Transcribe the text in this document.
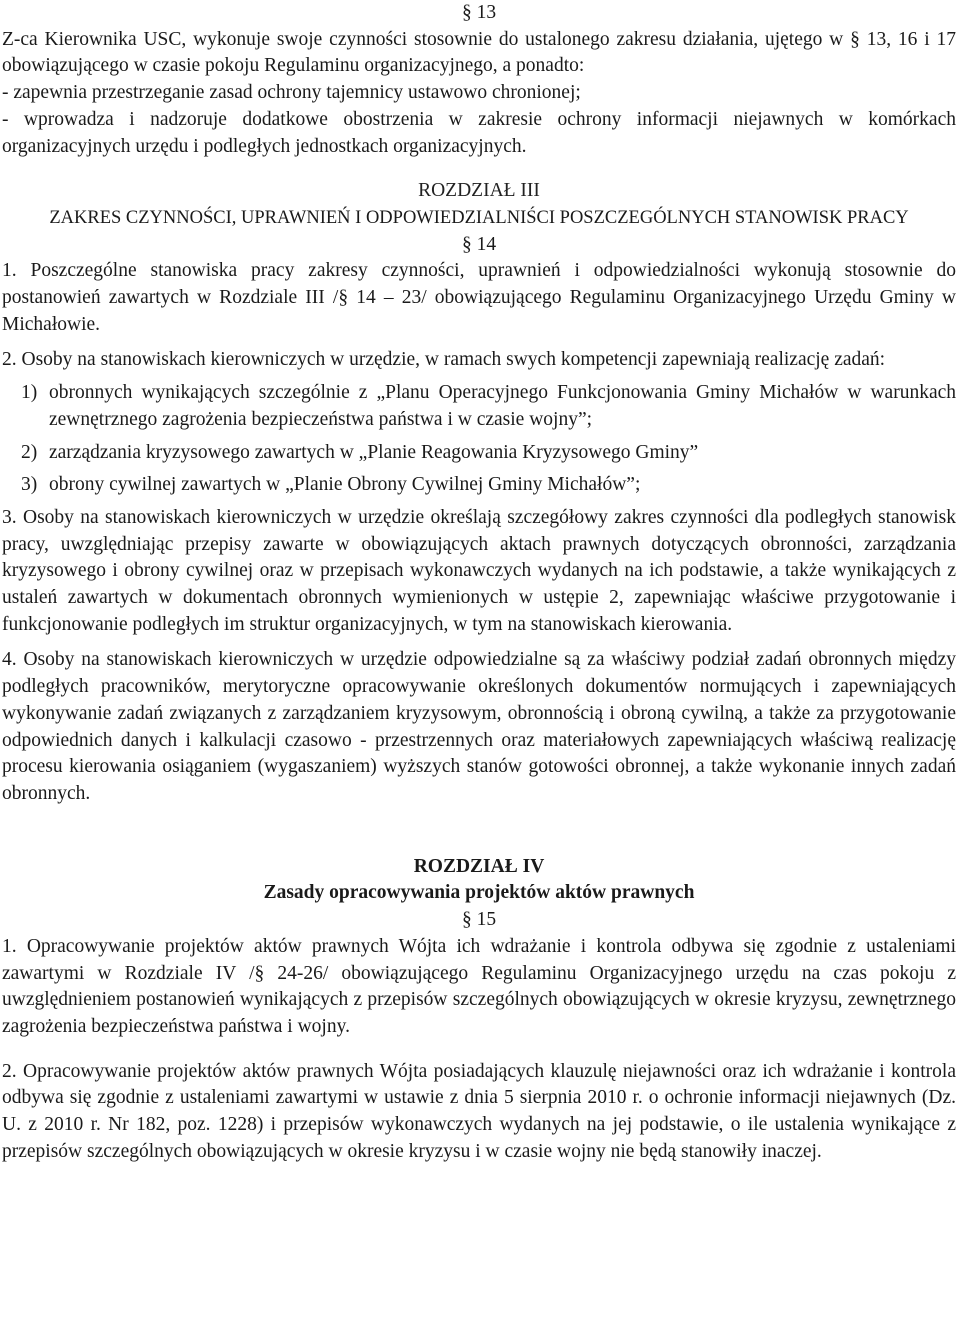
§ 13

Z-ca Kierownika USC, wykonuje swoje czynności stosownie do ustalonego zakresu działania, ujętego w § 13, 16 i 17 obowiązującego w czasie pokoju Regulaminu organizacyjnego, a ponadto:

- zapewnia przestrzeganie zasad ochrony tajemnicy ustawowo chronionej;

- wprowadza i nadzoruje dodatkowe obostrzenia w zakresie ochrony informacji niejawnych w komórkach organizacyjnych urzędu i podległych jednostkach organizacyjnych.

ROZDZIAŁ III

ZAKRES CZYNNOŚCI, UPRAWNIEŃ I ODPOWIEDZIALNIŚCI POSZCZEGÓLNYCH STANOWISK PRACY

§ 14

1. Poszczególne stanowiska pracy zakresy czynności, uprawnień i odpowiedzialności wykonują stosownie do postanowień zawartych w Rozdziale III /§ 14 – 23/ obowiązującego Regulaminu Organizacyjnego Urzędu Gminy w Michałowie.

2. Osoby na stanowiskach kierowniczych w urzędzie, w ramach swych kompetencji zapewniają realizację zadań:

1) obronnych wynikających szczególnie z „Planu Operacyjnego Funkcjonowania Gminy Michałów w warunkach zewnętrznego zagrożenia bezpieczeństwa państwa i w czasie wojny”;
2) zarządzania kryzysowego zawartych w „Planie Reagowania Kryzysowego Gminy”
3) obrony cywilnej zawartych w „Planie Obrony Cywilnej Gminy Michałów”;

3. Osoby na stanowiskach kierowniczych w urzędzie określają szczegółowy zakres czynności dla podległych stanowisk pracy, uwzględniając przepisy zawarte w obowiązujących aktach prawnych dotyczących obronności, zarządzania kryzysowego i obrony cywilnej oraz w przepisach wykonawczych wydanych na ich podstawie, a także wynikających z ustaleń zawartych w dokumentach obronnych wymienionych w ustępie 2, zapewniając właściwe przygotowanie i funkcjonowanie podległych im struktur organizacyjnych, w tym na stanowiskach kierowania.

4. Osoby na stanowiskach kierowniczych w urzędzie odpowiedzialne są za właściwy podział zadań obronnych między podległych pracowników, merytoryczne opracowywanie określonych dokumentów normujących i zapewniających wykonywanie zadań związanych z zarządzaniem kryzysowym, obronnością i obroną cywilną, a także za przygotowanie odpowiednich danych i kalkulacji czasowo - przestrzennych oraz materiałowych zapewniających właściwą realizację procesu kierowania osiąganiem (wygaszaniem) wyższych stanów gotowości obronnej, a także wykonanie innych zadań obronnych.

ROZDZIAŁ IV

Zasady opracowywania projektów aktów prawnych

§ 15

1. Opracowywanie projektów aktów prawnych Wójta ich wdrażanie i kontrola odbywa się zgodnie z ustaleniami zawartymi w Rozdziale IV /§ 24-26/ obowiązującego Regulaminu Organizacyjnego urzędu na czas pokoju z uwzględnieniem postanowień wynikających z przepisów szczególnych obowiązujących w okresie kryzysu, zewnętrznego zagrożenia bezpieczeństwa państwa i wojny.

2. Opracowywanie projektów aktów prawnych Wójta posiadających klauzulę niejawności oraz ich wdrażanie i kontrola odbywa się zgodnie z ustaleniami zawartymi w ustawie z dnia 5 sierpnia 2010 r. o ochronie informacji niejawnych (Dz. U. z 2010 r. Nr 182, poz. 1228) i przepisów wykonawczych wydanych na jej podstawie, o ile ustalenia wynikające z przepisów szczególnych obowiązujących w okresie kryzysu i w czasie wojny nie będą stanowiły inaczej.
